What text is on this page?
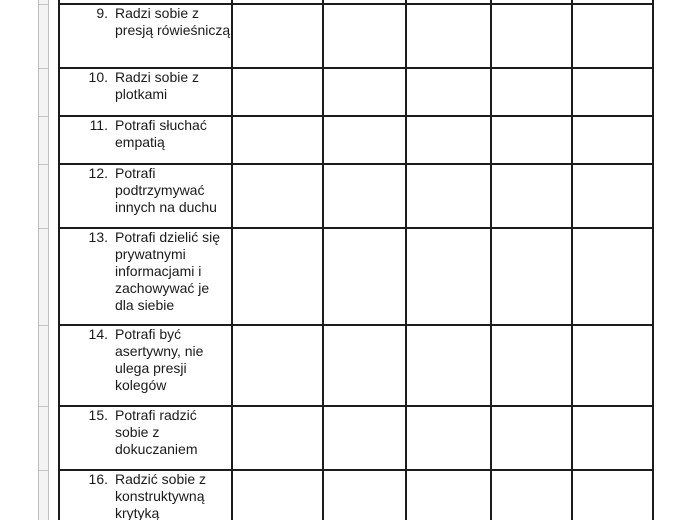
9. Radzi sobie z presją rówieśniczą					

10. Radzi sobie z plotkami					

11. Potrafi słuchać empatią					

12. Potrafi podtrzymywać innych na duchu					

13. Potrafi dzielić się prywatnymi informacjami i zachowywać je dla siebie					

14. Potrafi być asertywny, nie ulega presji kolegów					

15. Potrafi radzić sobie z dokuczaniem					

16. Radzić sobie z konstruktywną krytyką					
